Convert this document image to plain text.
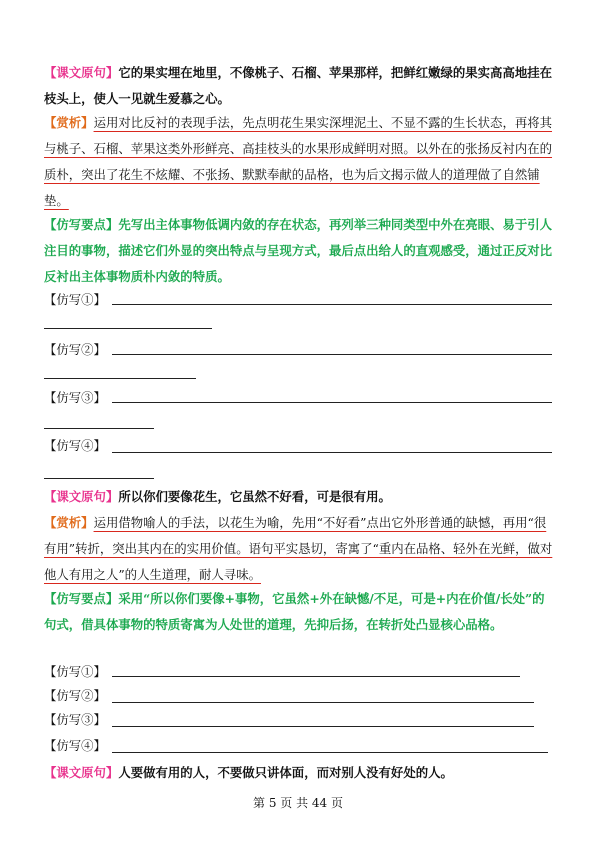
【课文原句】它的果实埋在地里，不像桃子、石榴、苹果那样，把鲜红嫩绿的果实高高地挂在枝头上，使人一见就生爱慕之心。
【赏析】运用对比反衬的表现手法，先点明花生果实深埋泥土、不显不露的生长状态，再将其与桃子、石榴、苹果这类外形鲜亮、高挂枝头的水果形成鲜明对照。以外在的张扬反衬内在的质朴，突出了花生不炫耀、不张扬、默默奉献的品格，也为后文揭示做人的道理做了自然铺垫。
【仿写要点】先写出主体事物低调内敛的存在状态，再列举三种同类型中外在亮眼、易于引人注目的事物，描述它们外显的突出特点与呈现方式，最后点出给人的直观感受，通过正反对比反衬出主体事物质朴内敛的特质。
【仿写①】
【仿写②】
【仿写③】
【仿写④】
【课文原句】所以你们要像花生，它虽然不好看，可是很有用。
【赏析】运用借物喻人的手法，以花生为喻，先用“不好看”点出它外形普通的缺憾，再用“很有用”转折，突出其内在的实用价值。语句平实恳切，寄寓了“重内在品格、轻外在光鲜，做对他人有用之人”的人生道理，耐人寻味。
【仿写要点】采用“所以你们要像+事物，它虽然+外在缺憾/不足，可是+内在价值/长处”的句式，借具体事物的特质寄寓为人处世的道理，先抑后扬，在转折处凸显核心品格。
【仿写①】
【仿写②】
【仿写③】
【仿写④】
【课文原句】人要做有用的人，不要做只讲体面，而对别人没有好处的人。
第 5 页 共 44 页
